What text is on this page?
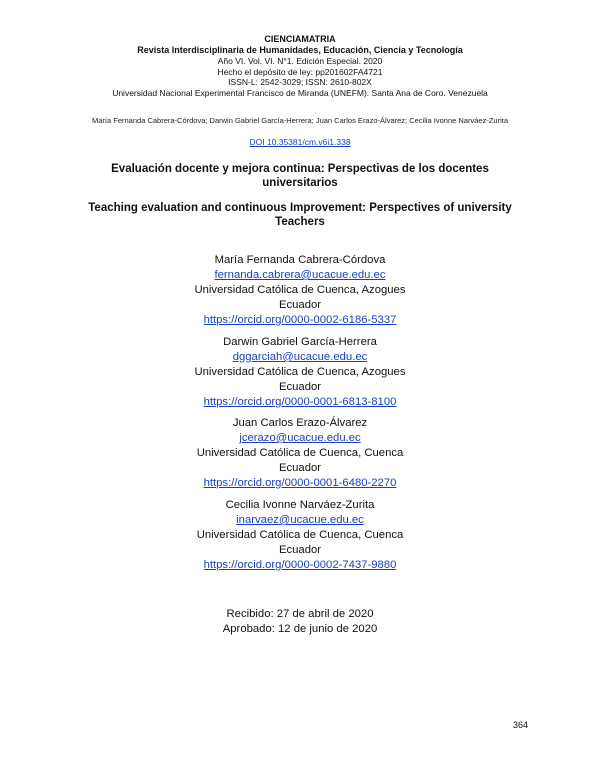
CIENCIAMATRIA
Revista Interdisciplinaria de Humanidades, Educación, Ciencia y Tecnología
Año VI. Vol. VI. N°1. Edición Especial. 2020
Hecho el depósito de ley: pp201602FA4721
ISSN-L: 2542-3029; ISSN: 2610-802X
Universidad Nacional Experimental Francisco de Miranda (UNEFM). Santa Ana de Coro. Venezuela
María Fernanda Cabrera-Córdova; Darwin Gabriel García-Herrera; Juan Carlos Erazo-Álvarez; Cecilia Ivonne Narváez-Zurita
DOI 10.35381/cm.v6i1.338
Evaluación docente y mejora continua: Perspectivas de los docentes universitarios
Teaching evaluation and continuous Improvement: Perspectives of university Teachers
María Fernanda Cabrera-Córdova
fernanda.cabrera@ucacue.edu.ec
Universidad Católica de Cuenca, Azogues
Ecuador
https://orcid.org/0000-0002-6186-5337
Darwin Gabriel García-Herrera
dggarciah@ucacue.edu.ec
Universidad Católica de Cuenca, Azogues
Ecuador
https://orcid.org/0000-0001-6813-8100
Juan Carlos Erazo-Álvarez
jcerazo@ucacue.edu.ec
Universidad Católica de Cuenca, Cuenca
Ecuador
https://orcid.org/0000-0001-6480-2270
Cecilia Ivonne Narváez-Zurita
inarvaez@ucacue.edu.ec
Universidad Católica de Cuenca, Cuenca
Ecuador
https://orcid.org/0000-0002-7437-9880
Recibido: 27 de abril de 2020
Aprobado: 12 de junio de 2020
364
